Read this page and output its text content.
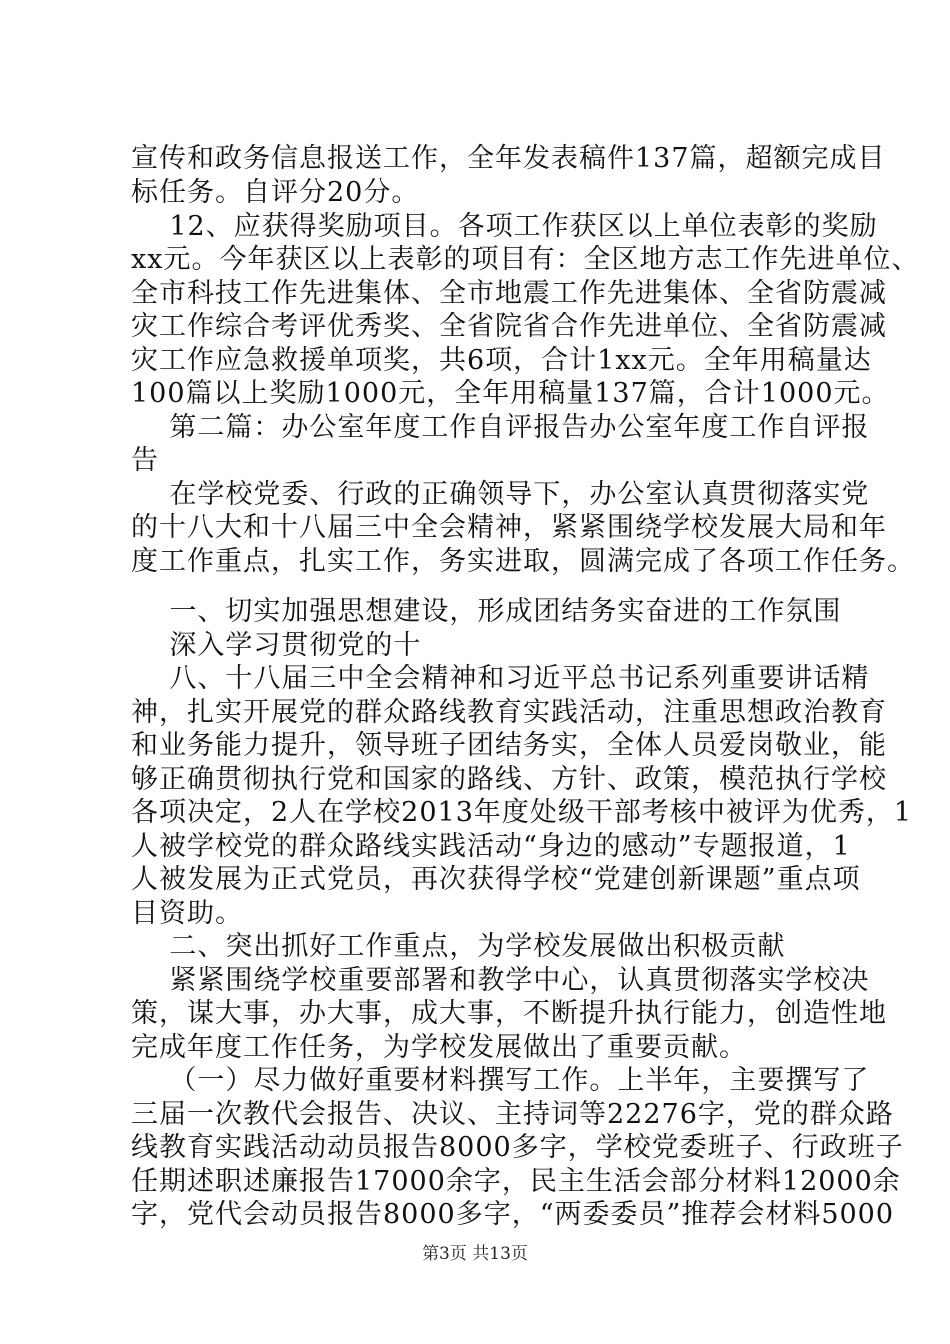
宣传和政务信息报送工作，全年发表稿件137篇，超额完成目
标任务。自评分20分。
12、应获得奖励项目。各项工作获区以上单位表彰的奖励
xx元。今年获区以上表彰的项目有：全区地方志工作先进单位、
全市科技工作先进集体、全市地震工作先进集体、全省防震减
灾工作综合考评优秀奖、全省院省合作先进单位、全省防震减
灾工作应急救援单项奖，共6项，合计1xx元。全年用稿量达
100篇以上奖励1000元，全年用稿量137篇，合计1000元。
第二篇：办公室年度工作自评报告办公室年度工作自评报
告
在学校党委、行政的正确领导下，办公室认真贯彻落实党
的十八大和十八届三中全会精神，紧紧围绕学校发展大局和年
度工作重点，扎实工作，务实进取，圆满完成了各项工作任务。
一、切实加强思想建设，形成团结务实奋进的工作氛围
深入学习贯彻党的十
八、十八届三中全会精神和习近平总书记系列重要讲话精
神，扎实开展党的群众路线教育实践活动，注重思想政治教育
和业务能力提升，领导班子团结务实，全体人员爱岗敬业，能
够正确贯彻执行党和国家的路线、方针、政策，模范执行学校
各项决定，2人在学校2013年度处级干部考核中被评为优秀，1
人被学校党的群众路线实践活动“身边的感动”专题报道，1
人被发展为正式党员，再次获得学校“党建创新课题”重点项
目资助。
二、突出抓好工作重点，为学校发展做出积极贡献
紧紧围绕学校重要部署和教学中心，认真贯彻落实学校决
策，谋大事，办大事，成大事，不断提升执行能力，创造性地
完成年度工作任务，为学校发展做出了重要贡献。
（一）尽力做好重要材料撰写工作。上半年，主要撰写了
三届一次教代会报告、决议、主持词等22276字，党的群众路
线教育实践活动动员报告8000多字，学校党委班子、行政班子
任期述职述廉报告17000余字，民主生活会部分材料12000余
字，党代会动员报告8000多字，“两委委员”推荐会材料5000
第3页 共13页
